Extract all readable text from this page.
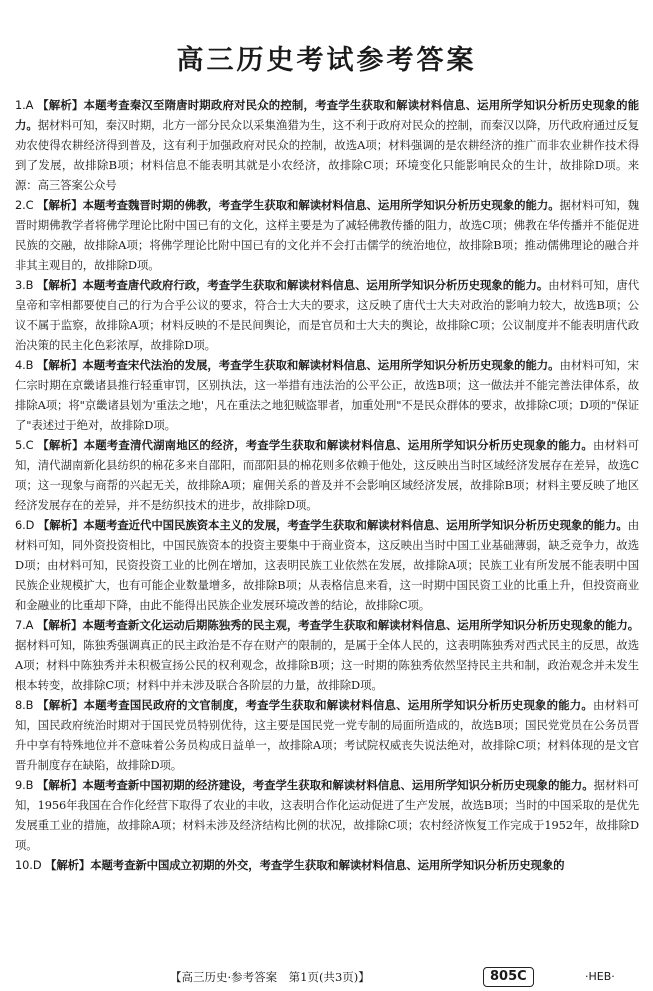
高三历史考试参考答案

1.A 【解析】本题考查秦汉至隋唐时期政府对民众的控制，考查学生获取和解读材料信息、运用所学知识分析历史现象的能力。据材料可知，秦汉时期，北方一部分民众以采集渔猎为生，这不利于政府对民众的控制，而秦汉以降，历代政府通过反复劝农使得农耕经济得到普及，这有利于加强政府对民众的控制，故选A项；材料强调的是农耕经济的推广而非农业耕作技术得到了发展，故排除B项；材料信息不能表明其就是小农经济，故排除C项；环境变化只能影响民众的生计，故排除D项。来源：高三答案公众号

2.C 【解析】本题考查魏晋时期的佛教，考查学生获取和解读材料信息、运用所学知识分析历史现象的能力。据材料可知，魏晋时期佛教学者将佛学理论比附中国已有的文化，这样主要是为了减轻佛教传播的阻力，故选C项；佛教在华传播并不能促进民族的交融，故排除A项；将佛学理论比附中国已有的文化并不会打击儒学的统治地位，故排除B项；推动儒佛理论的融合并非其主观目的，故排除D项。

3.B 【解析】本题考查唐代政府行政，考查学生获取和解读材料信息、运用所学知识分析历史现象的能力。由材料可知，唐代皇帝和宰相都要使自己的行为合乎公议的要求，符合士大夫的要求，这反映了唐代士大夫对政治的影响力较大，故选B项；公议不属于监察，故排除A项；材料反映的不是民间舆论，而是官员和士大夫的舆论，故排除C项；公议制度并不能表明唐代政治决策的民主化色彩浓厚，故排除D项。

4.B 【解析】本题考查宋代法治的发展，考查学生获取和解读材料信息、运用所学知识分析历史现象的能力。由材料可知，宋仁宗时期在京畿诸县推行轻重审罚，区别执法，这一举措有违法治的公平公正，故选B项；这一做法并不能完善法律体系，故排除A项；将"京畿诸县划为'重法之地'，凡在重法之地犯贼盗罪者，加重处刑"不是民众群体的要求，故排除C项；D项的"保证了"表述过于绝对，故排除D项。

5.C 【解析】本题考查清代湖南地区的经济，考查学生获取和解读材料信息、运用所学知识分析历史现象的能力。由材料可知，清代湖南新化县纺织的棉花多来自邵阳，而邵阳县的棉花则多依赖于他处，这反映出当时区域经济发展存在差异，故选C项；这一现象与商帮的兴起无关，故排除A项；雇佣关系的普及并不会影响区域经济发展，故排除B项；材料主要反映了地区经济发展存在的差异，并不是纺织技术的进步，故排除D项。

6.D 【解析】本题考查近代中国民族资本主义的发展，考查学生获取和解读材料信息、运用所学知识分析历史现象的能力。由材料可知，同外资投资相比，中国民族资本的投资主要集中于商业资本，这反映出当时中国工业基础薄弱，缺乏竞争力，故选D项；由材料可知，民资投资工业的比例在增加，这表明民族工业依然在发展，故排除A项；民族工业有所发展不能表明中国民族企业规模扩大，也有可能企业数量增多，故排除B项；从表格信息来看，这一时期中国民资工业的比重上升，但投资商业和金融业的比重却下降，由此不能得出民族企业发展环境改善的结论，故排除C项。

7.A 【解析】本题考查新文化运动后期陈独秀的民主观，考查学生获取和解读材料信息、运用所学知识分析历史现象的能力。据材料可知，陈独秀强调真正的民主政治是不存在财产的限制的，是属于全体人民的，这表明陈独秀对西式民主的反思，故选A项；材料中陈独秀并未积极宣扬公民的权利观念，故排除B项；这一时期的陈独秀依然坚持民主共和制，政治观念并未发生根本转变，故排除C项；材料中并未涉及联合各阶层的力量，故排除D项。

8.B 【解析】本题考查国民政府的文官制度，考查学生获取和解读材料信息、运用所学知识分析历史现象的能力。由材料可知，国民政府统治时期对于国民党员特别优待，这主要是国民党一党专制的局面所造成的，故选B项；国民党党员在公务员晋升中享有特殊地位并不意味着公务员构成日益单一，故排除A项；考试院权威丧失说法绝对，故排除C项；材料体现的是文官晋升制度存在缺陷，故排除D项。

9.B 【解析】本题考查新中国初期的经济建设，考查学生获取和解读材料信息、运用所学知识分析历史现象的能力。据材料可知，1956年我国在合作化经营下取得了农业的丰收，这表明合作化运动促进了生产发展，故选B项；当时的中国采取的是优先发展重工业的措施，故排除A项；材料未涉及经济结构比例的状况，故排除C项；农村经济恢复工作完成于1952年，故排除D项。

10.D 【解析】本题考查新中国成立初期的外交，考查学生获取和解读材料信息、运用所学知识分析历史现象的

【高三历史·参考答案　第1页(共3页)】	805C	·HEB·
